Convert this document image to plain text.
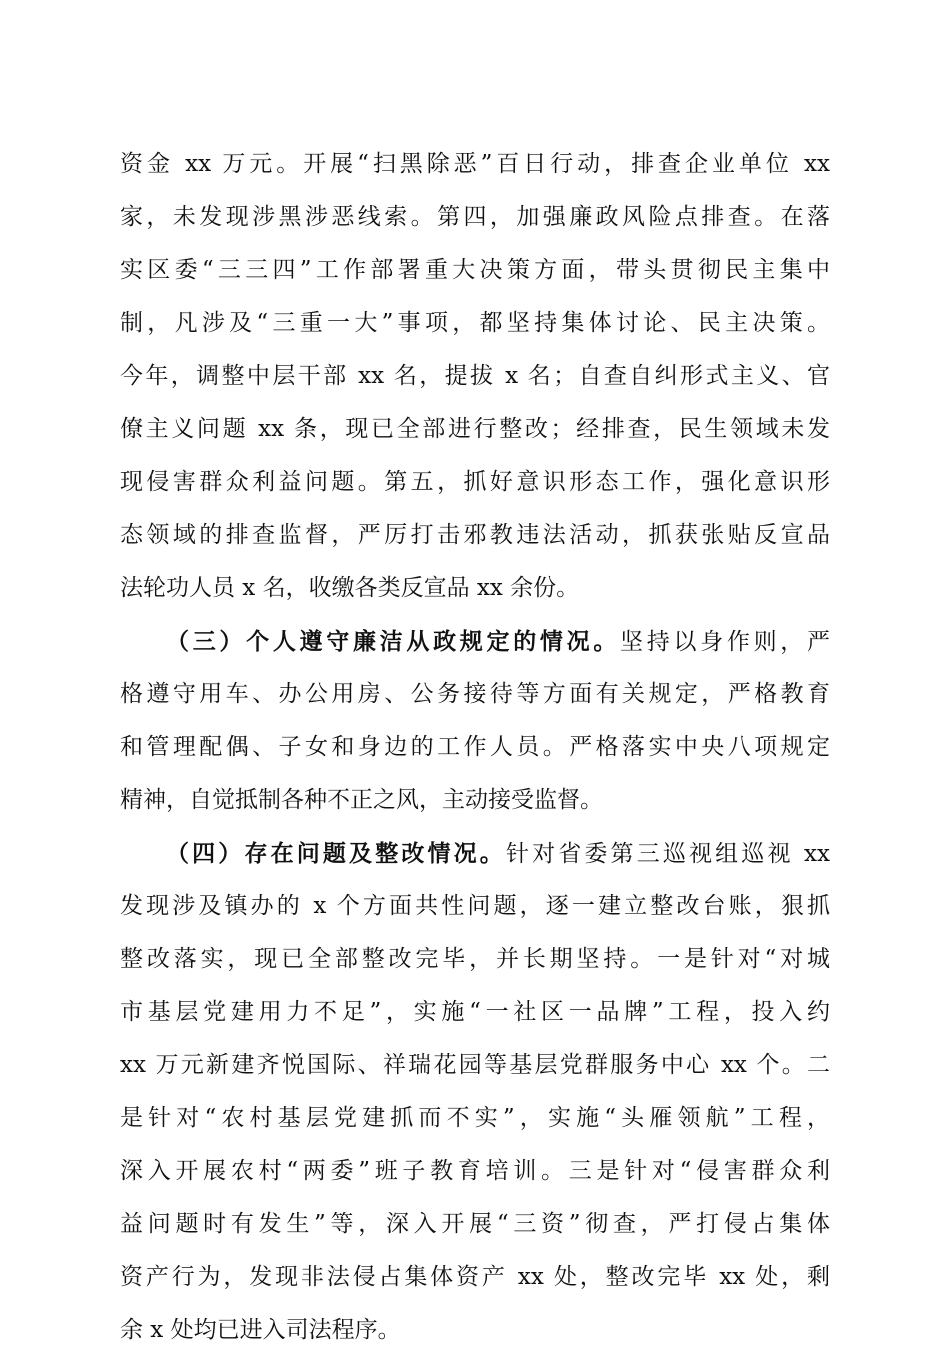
资金 xx 万元。开展“扫黑除恶”百日行动，排查企业单位 xx
家，未发现涉黑涉恶线索。第四，加强廉政风险点排查。在落
实区委“三三四”工作部署重大决策方面，带头贯彻民主集中
制，凡涉及“三重一大”事项，都坚持集体讨论、民主决策。
今年，调整中层干部 xx 名，提拔 x 名；自查自纠形式主义、官
僚主义问题 xx 条，现已全部进行整改；经排查，民生领域未发
现侵害群众利益问题。第五，抓好意识形态工作，强化意识形
态领域的排查监督，严厉打击邪教违法活动，抓获张贴反宣品
法轮功人员 x 名，收缴各类反宣品 xx 余份。
（三）个人遵守廉洁从政规定的情况。坚持以身作则，严
格遵守用车、办公用房、公务接待等方面有关规定，严格教育
和管理配偶、子女和身边的工作人员。严格落实中央八项规定
精神，自觉抵制各种不正之风，主动接受监督。
（四）存在问题及整改情况。针对省委第三巡视组巡视 xx
发现涉及镇办的 x 个方面共性问题，逐一建立整改台账，狠抓
整改落实，现已全部整改完毕，并长期坚持。一是针对“对城
市基层党建用力不足”，实施“一社区一品牌”工程，投入约
xx 万元新建齐悦国际、祥瑞花园等基层党群服务中心 xx 个。二
是针对“农村基层党建抓而不实”，实施“头雁领航”工程，
深入开展农村“两委”班子教育培训。三是针对“侵害群众利
益问题时有发生”等，深入开展“三资”彻查，严打侵占集体
资产行为，发现非法侵占集体资产 xx 处，整改完毕 xx 处，剩
余 x 处均已进入司法程序。
